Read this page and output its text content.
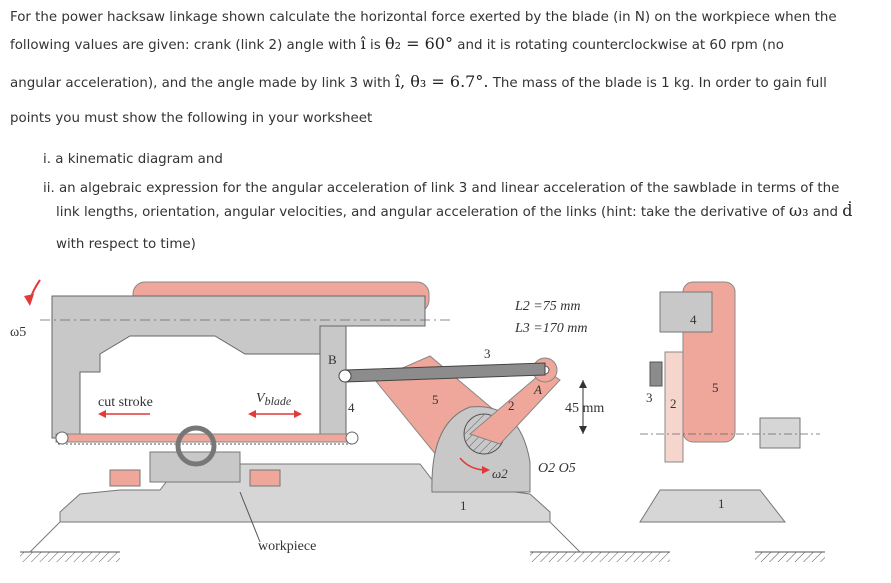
For the power hacksaw linkage shown calculate the horizontal force exerted by the blade (in N) on the workpiece when the
following values are given: crank (link 2) angle with î is θ₂ = 60° and it is rotating counterclockwise at 60 rpm (no
angular acceleration), and the angle made by link 3 with î, θ₃ = 6.7°. The mass of the blade is 1 kg. In order to gain full
points you must show the following in your worksheet
i. a kinematic diagram and
ii. an algebraic expression for the angular acceleration of link 3 and linear acceleration of the sawblade in terms of the
link lengths, orientation, angular velocities, and angular acceleration of the links (hint: take the derivative of ω₃ and ḋ
with respect to time)
ω5
cut stroke	Vblade
B	3
4
5	2
A
1
ω2
L2 =75 mm
L3 =170 mm
45 mm
O2 O5
workpiece
4
3 2
5
1
